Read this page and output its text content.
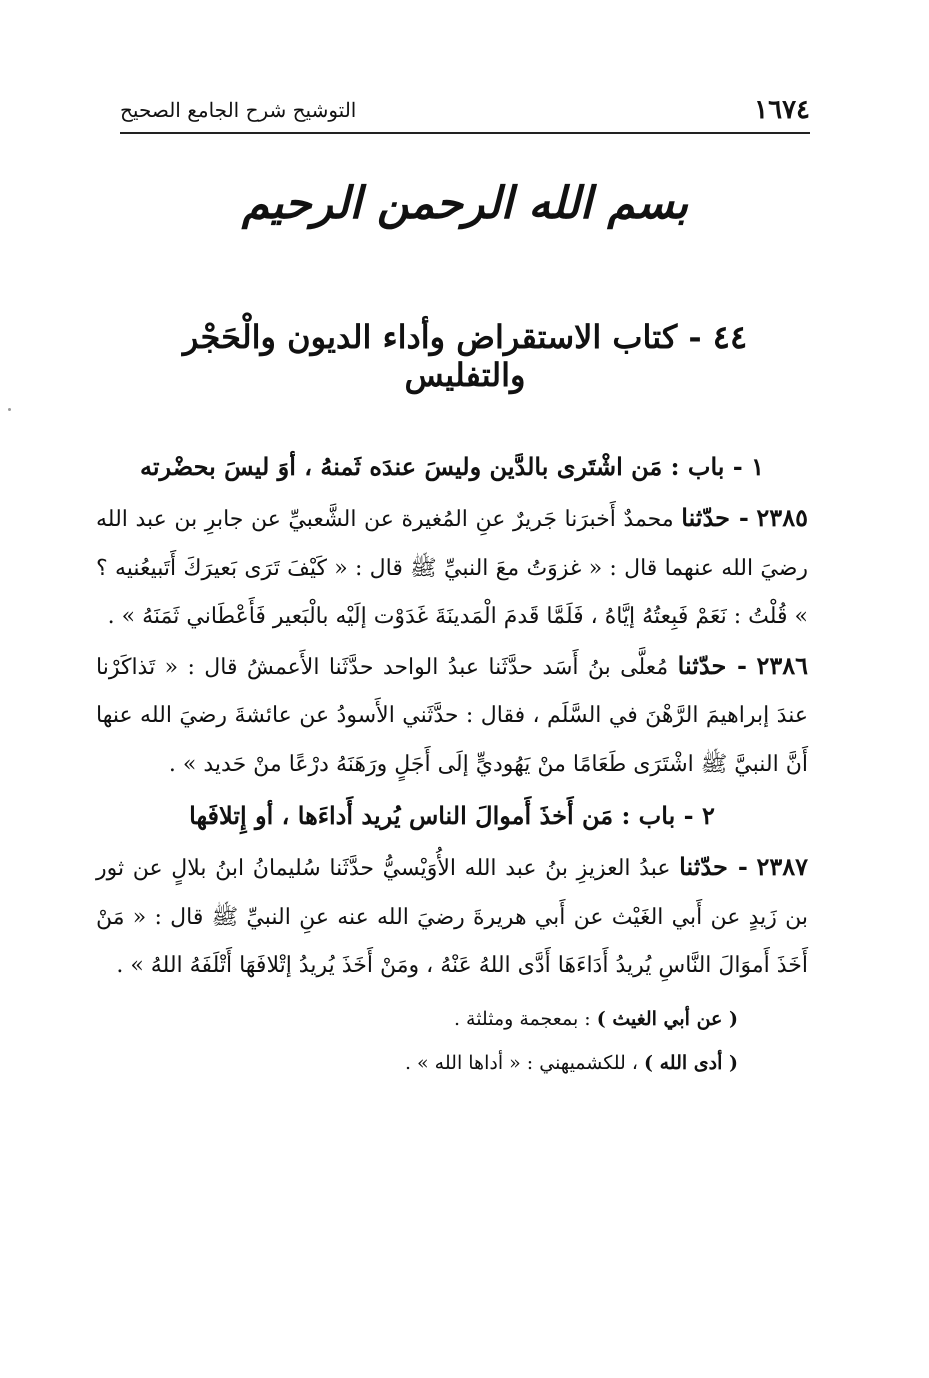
١٦٧٤
التوشيح شرح الجامع الصحيح
بسم الله الرحمن الرحيم
٤٤ - كتاب الاستقراض وأداء الديون والْحَجْر والتفليس

١ - باب : مَن اشْتَرى بالدَّين وليسَ عندَه ثَمنهُ ، أوَ ليسَ بحضْرته

٢٣٨٥ - حدّثنا محمدٌ أَخبرَنا جَريرٌ عنِ المُغيرة عن الشَّعبيِّ عن جابرِ بن عبد الله رضيَ الله عنهما قال : « غزوَتُ معَ النبيِّ ﷺ قال : « كَيْفَ تَرَى بَعيرَكَ أَتَبيعُنيه ؟ » قُلْتُ : نَعَمْ فَبِعتُهُ إيَّاهُ ، فَلَمَّا قَدمَ الْمَدينَةَ غَدَوْت إلَيْه بالْبَعير فَأَعْطَاني ثَمَنَهُ » .

٢٣٨٦ - حدّثنا مُعلَّى بنُ أَسَد حدَّثَنا عبدُ الواحد حدَّثَنا الأَعمشُ قال : « تَذاكَرْنا عندَ إبراهيمَ الرَّهْنَ في السَّلَم ، فقال : حدَّثَني الأَسودُ عن عائشةَ رضيَ الله عنها أَنَّ النبيَّ ﷺ اشْتَرَى طَعَامًا منْ يَهُوديٍّ إلَى أَجَلٍ ورَهَنَهُ درْعًا منْ حَديد » .

٢ - باب : مَن أَخذَ أَموالَ الناس يُريد أَداءَها ، أو إِتلافَها

٢٣٨٧ - حدّثنا عبدُ العزيزِ بنُ عبد الله الأُوَيْسيُّ حدَّثَنا سُليمانُ ابنُ بلالٍ عن ثور بن زَيدٍ عن أَبي الغَيْث عن أَبي هريرةَ رضيَ الله عنه عنِ النبيِّ ﷺ قال : « مَنْ أَخَذَ أَموَالَ النَّاسِ يُريدُ أَدَاءَهَا أَدَّى اللهُ عَنْهُ ، ومَنْ أَخَذَ يُريدُ إتْلافَهَا أَتْلَفَهُ اللهُ » .

( عن أبي الغيث ) : بمعجمة ومثلثة .

( أدى الله ) ، للكشميهني : « أداها الله » .
